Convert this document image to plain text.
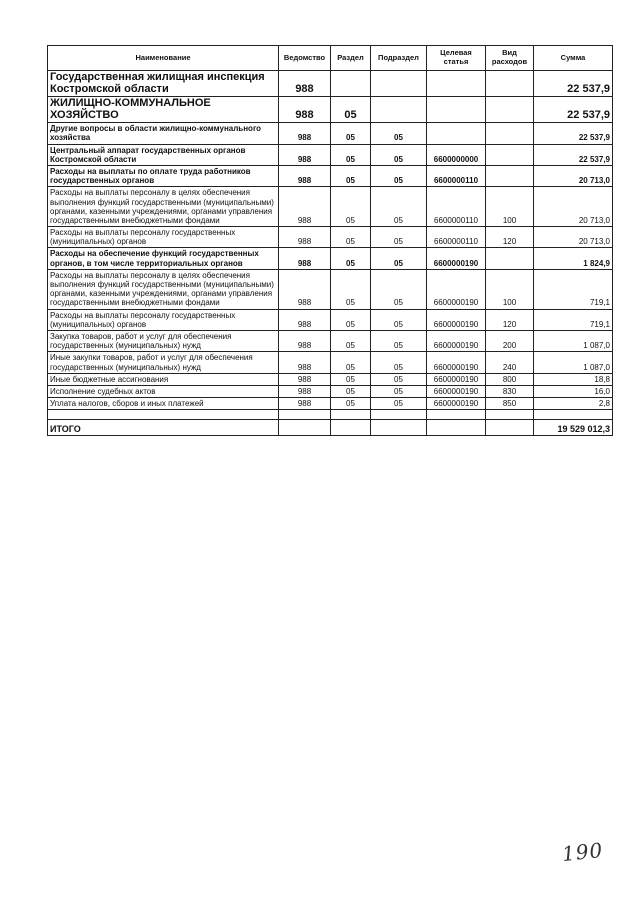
Наименование	Ведомство	Раздел	Подраздел	Целевая статья	Вид расходов	Сумма
Государственная жилищная инспекция Костромской области	988					22 537,9
ЖИЛИЩНО-КОММУНАЛЬНОЕ ХОЗЯЙСТВО	988	05				22 537,9
Другие вопросы в области жилищно-коммунального хозяйства	988	05	05			22 537,9
Центральный аппарат государственных органов Костромской области	988	05	05	6600000000		22 537,9
Расходы на выплаты по оплате труда работников государственных органов	988	05	05	6600000110		20 713,0
Расходы на выплаты персоналу в целях обеспечения выполнения функций государственными (муниципальными) органами, казенными учреждениями, органами управления государственными внебюджетными фондами	988	05	05	6600000110	100	20 713,0
Расходы на выплаты персоналу государственных (муниципальных) органов	988	05	05	6600000110	120	20 713,0
Расходы на обеспечение функций государственных органов, в том числе территориальных органов	988	05	05	6600000190		1 824,9
Расходы на выплаты персоналу в целях обеспечения выполнения функций государственными (муниципальными) органами, казенными учреждениями, органами управления государственными внебюджетными фондами	988	05	05	6600000190	100	719,1
Расходы на выплаты персоналу государственных (муниципальных) органов	988	05	05	6600000190	120	719,1
Закупка товаров, работ и услуг для обеспечения государственных (муниципальных) нужд	988	05	05	6600000190	200	1 087,0
Иные закупки товаров, работ и услуг для обеспечения государственных (муниципальных) нужд	988	05	05	6600000190	240	1 087,0
Иные бюджетные ассигнования	988	05	05	6600000190	800	18,8
Исполнение судебных актов	988	05	05	6600000190	830	16,0
Уплата налогов, сборов и иных платежей	988	05	05	6600000190	850	2,8

ИТОГО						19 529 012,3
190
